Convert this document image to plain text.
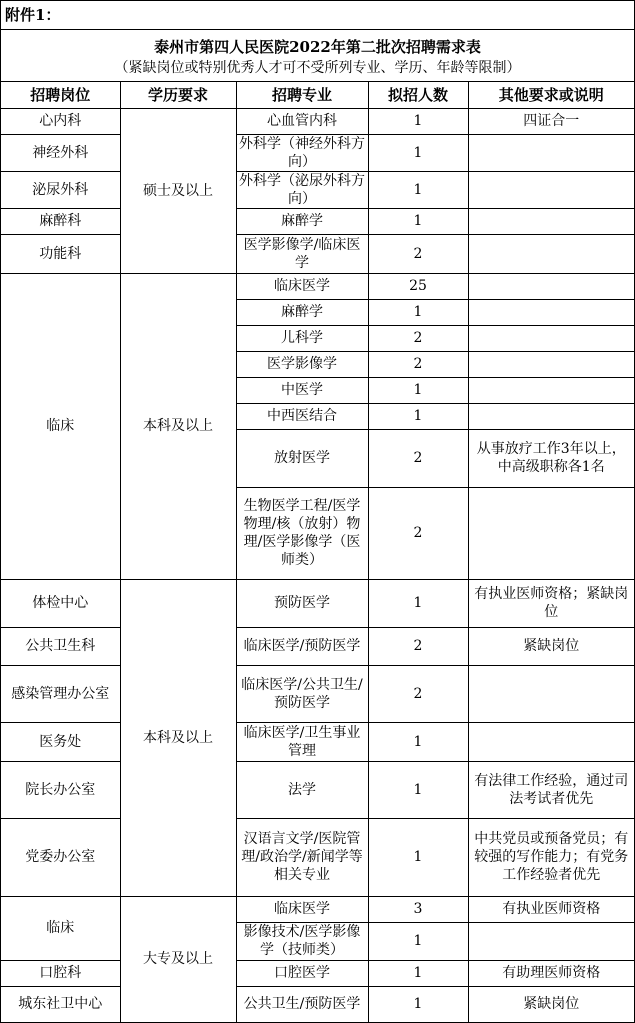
附件1：
泰州市第四人民医院2022年第二批次招聘需求表
（紧缺岗位或特别优秀人才可不受所列专业、学历、年龄等限制）
招聘岗位	学历要求	招聘专业	拟招人数	其他要求或说明
心内科	硕士及以上	心血管内科	1	四证合一
神经外科		外科学（神经外科方向）	1	
泌尿外科		外科学（泌尿外科方向）	1	
麻醉科		麻醉学	1	
功能科		医学影像学/临床医学	2	
临床	本科及以上	临床医学	25	
		麻醉学	1	
		儿科学	2	
		医学影像学	2	
		中医学	1	
		中西医结合	1	
		放射医学	2	从事放疗工作3年以上，中高级职称各1名
		生物医学工程/医学物理/核（放射）物理/医学影像学（医师类）	2	
体检中心	本科及以上	预防医学	1	有执业医师资格；紧缺岗位
公共卫生科		临床医学/预防医学	2	紧缺岗位
感染管理办公室		临床医学/公共卫生/预防医学	2	
医务处		临床医学/卫生事业管理	1	
院长办公室		法学	1	有法律工作经验，通过司法考试者优先
党委办公室		汉语言文学/医院管理/政治学/新闻学等相关专业	1	中共党员或预备党员；有较强的写作能力；有党务工作经验者优先
临床	大专及以上	临床医学	3	有执业医师资格
		影像技术/医学影像学（技师类）	1	
口腔科		口腔医学	1	有助理医师资格
城东社卫中心		公共卫生/预防医学	1	紧缺岗位
